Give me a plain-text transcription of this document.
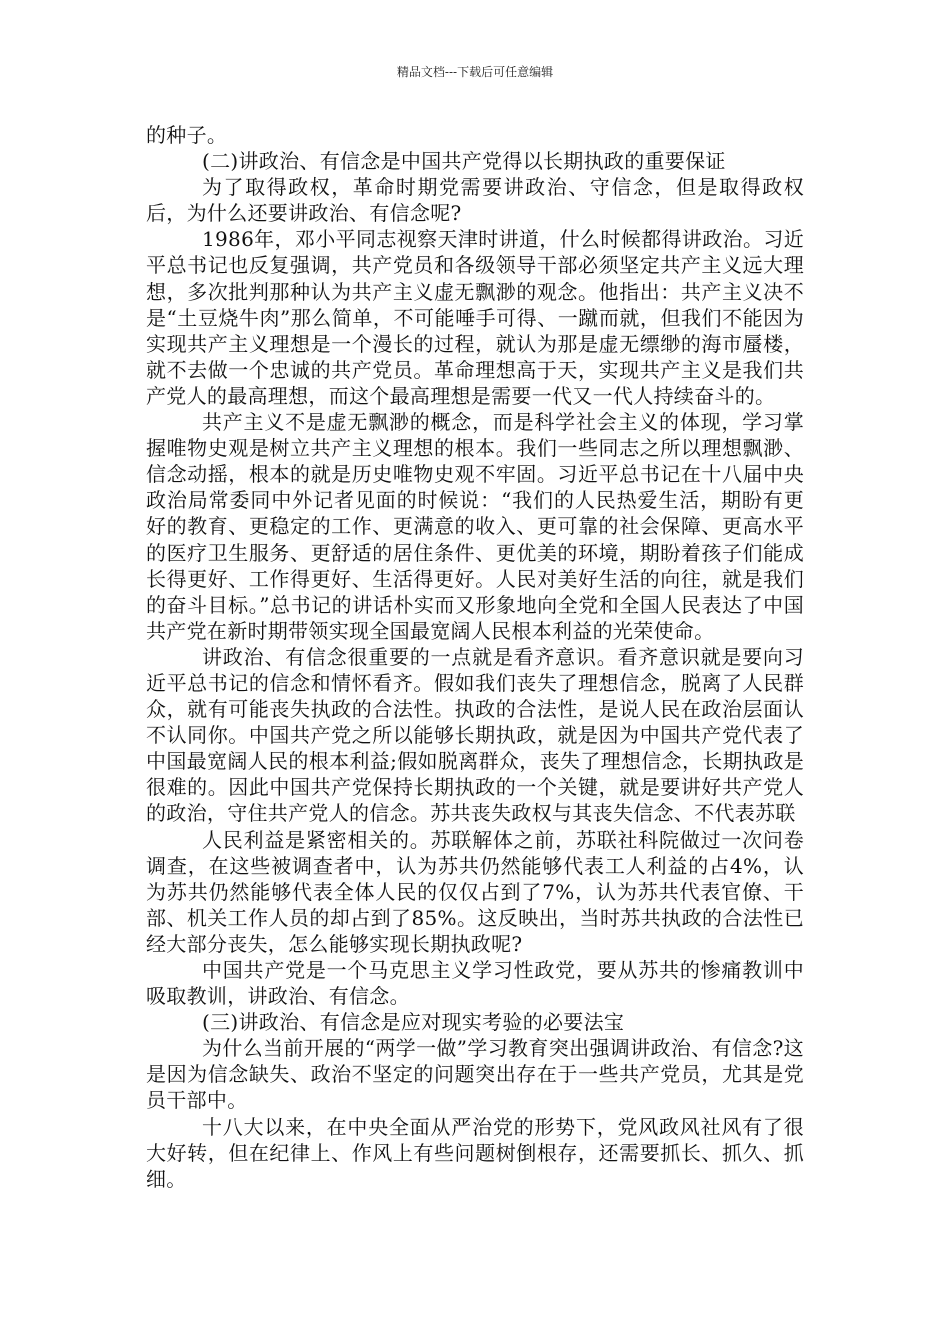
精品文档---下载后可任意编辑

的种子。

(二)讲政治、有信念是中国共产党得以长期执政的重要保证

为了取得政权，革命时期党需要讲政治、守信念，但是取得政权后，为什么还要讲政治、有信念呢?

1986年，邓小平同志视察天津时讲道，什么时候都得讲政治。习近平总书记也反复强调，共产党员和各级领导干部必须坚定共产主义远大理想，多次批判那种认为共产主义虚无飘渺的观念。他指出：共产主义决不是“土豆烧牛肉”那么简单，不可能唾手可得、一蹴而就，但我们不能因为实现共产主义理想是一个漫长的过程，就认为那是虚无缥缈的海市蜃楼，就不去做一个忠诚的共产党员。革命理想高于天，实现共产主义是我们共产党人的最高理想，而这个最高理想是需要一代又一代人持续奋斗的。

共产主义不是虚无飘渺的概念，而是科学社会主义的体现，学习掌握唯物史观是树立共产主义理想的根本。我们一些同志之所以理想飘渺、信念动摇，根本的就是历史唯物史观不牢固。习近平总书记在十八届中央政治局常委同中外记者见面的时候说：“我们的人民热爱生活，期盼有更好的教育、更稳定的工作、更满意的收入、更可靠的社会保障、更高水平的医疗卫生服务、更舒适的居住条件、更优美的环境，期盼着孩子们能成长得更好、工作得更好、生活得更好。人民对美好生活的向往，就是我们的奋斗目标。”总书记的讲话朴实而又形象地向全党和全国人民表达了中国共产党在新时期带领实现全国最宽阔人民根本利益的光荣使命。

讲政治、有信念很重要的一点就是看齐意识。看齐意识就是要向习近平总书记的信念和情怀看齐。假如我们丧失了理想信念，脱离了人民群众，就有可能丧失执政的合法性。执政的合法性，是说人民在政治层面认不认同你。中国共产党之所以能够长期执政，就是因为中国共产党代表了中国最宽阔人民的根本利益;假如脱离群众，丧失了理想信念，长期执政是很难的。因此中国共产党保持长期执政的一个关键，就是要讲好共产党人的政治，守住共产党人的信念。苏共丧失政权与其丧失信念、不代表苏联

人民利益是紧密相关的。苏联解体之前，苏联社科院做过一次问卷调查，在这些被调查者中，认为苏共仍然能够代表工人利益的占4%，认为苏共仍然能够代表全体人民的仅仅占到了7%，认为苏共代表官僚、干部、机关工作人员的却占到了85%。这反映出，当时苏共执政的合法性已经大部分丧失，怎么能够实现长期执政呢?

中国共产党是一个马克思主义学习性政党，要从苏共的惨痛教训中吸取教训，讲政治、有信念。

(三)讲政治、有信念是应对现实考验的必要法宝

为什么当前开展的“两学一做”学习教育突出强调讲政治、有信念?这是因为信念缺失、政治不坚定的问题突出存在于一些共产党员，尤其是党员干部中。

十八大以来，在中央全面从严治党的形势下，党风政风社风有了很大好转，但在纪律上、作风上有些问题树倒根存，还需要抓长、抓久、抓细。
